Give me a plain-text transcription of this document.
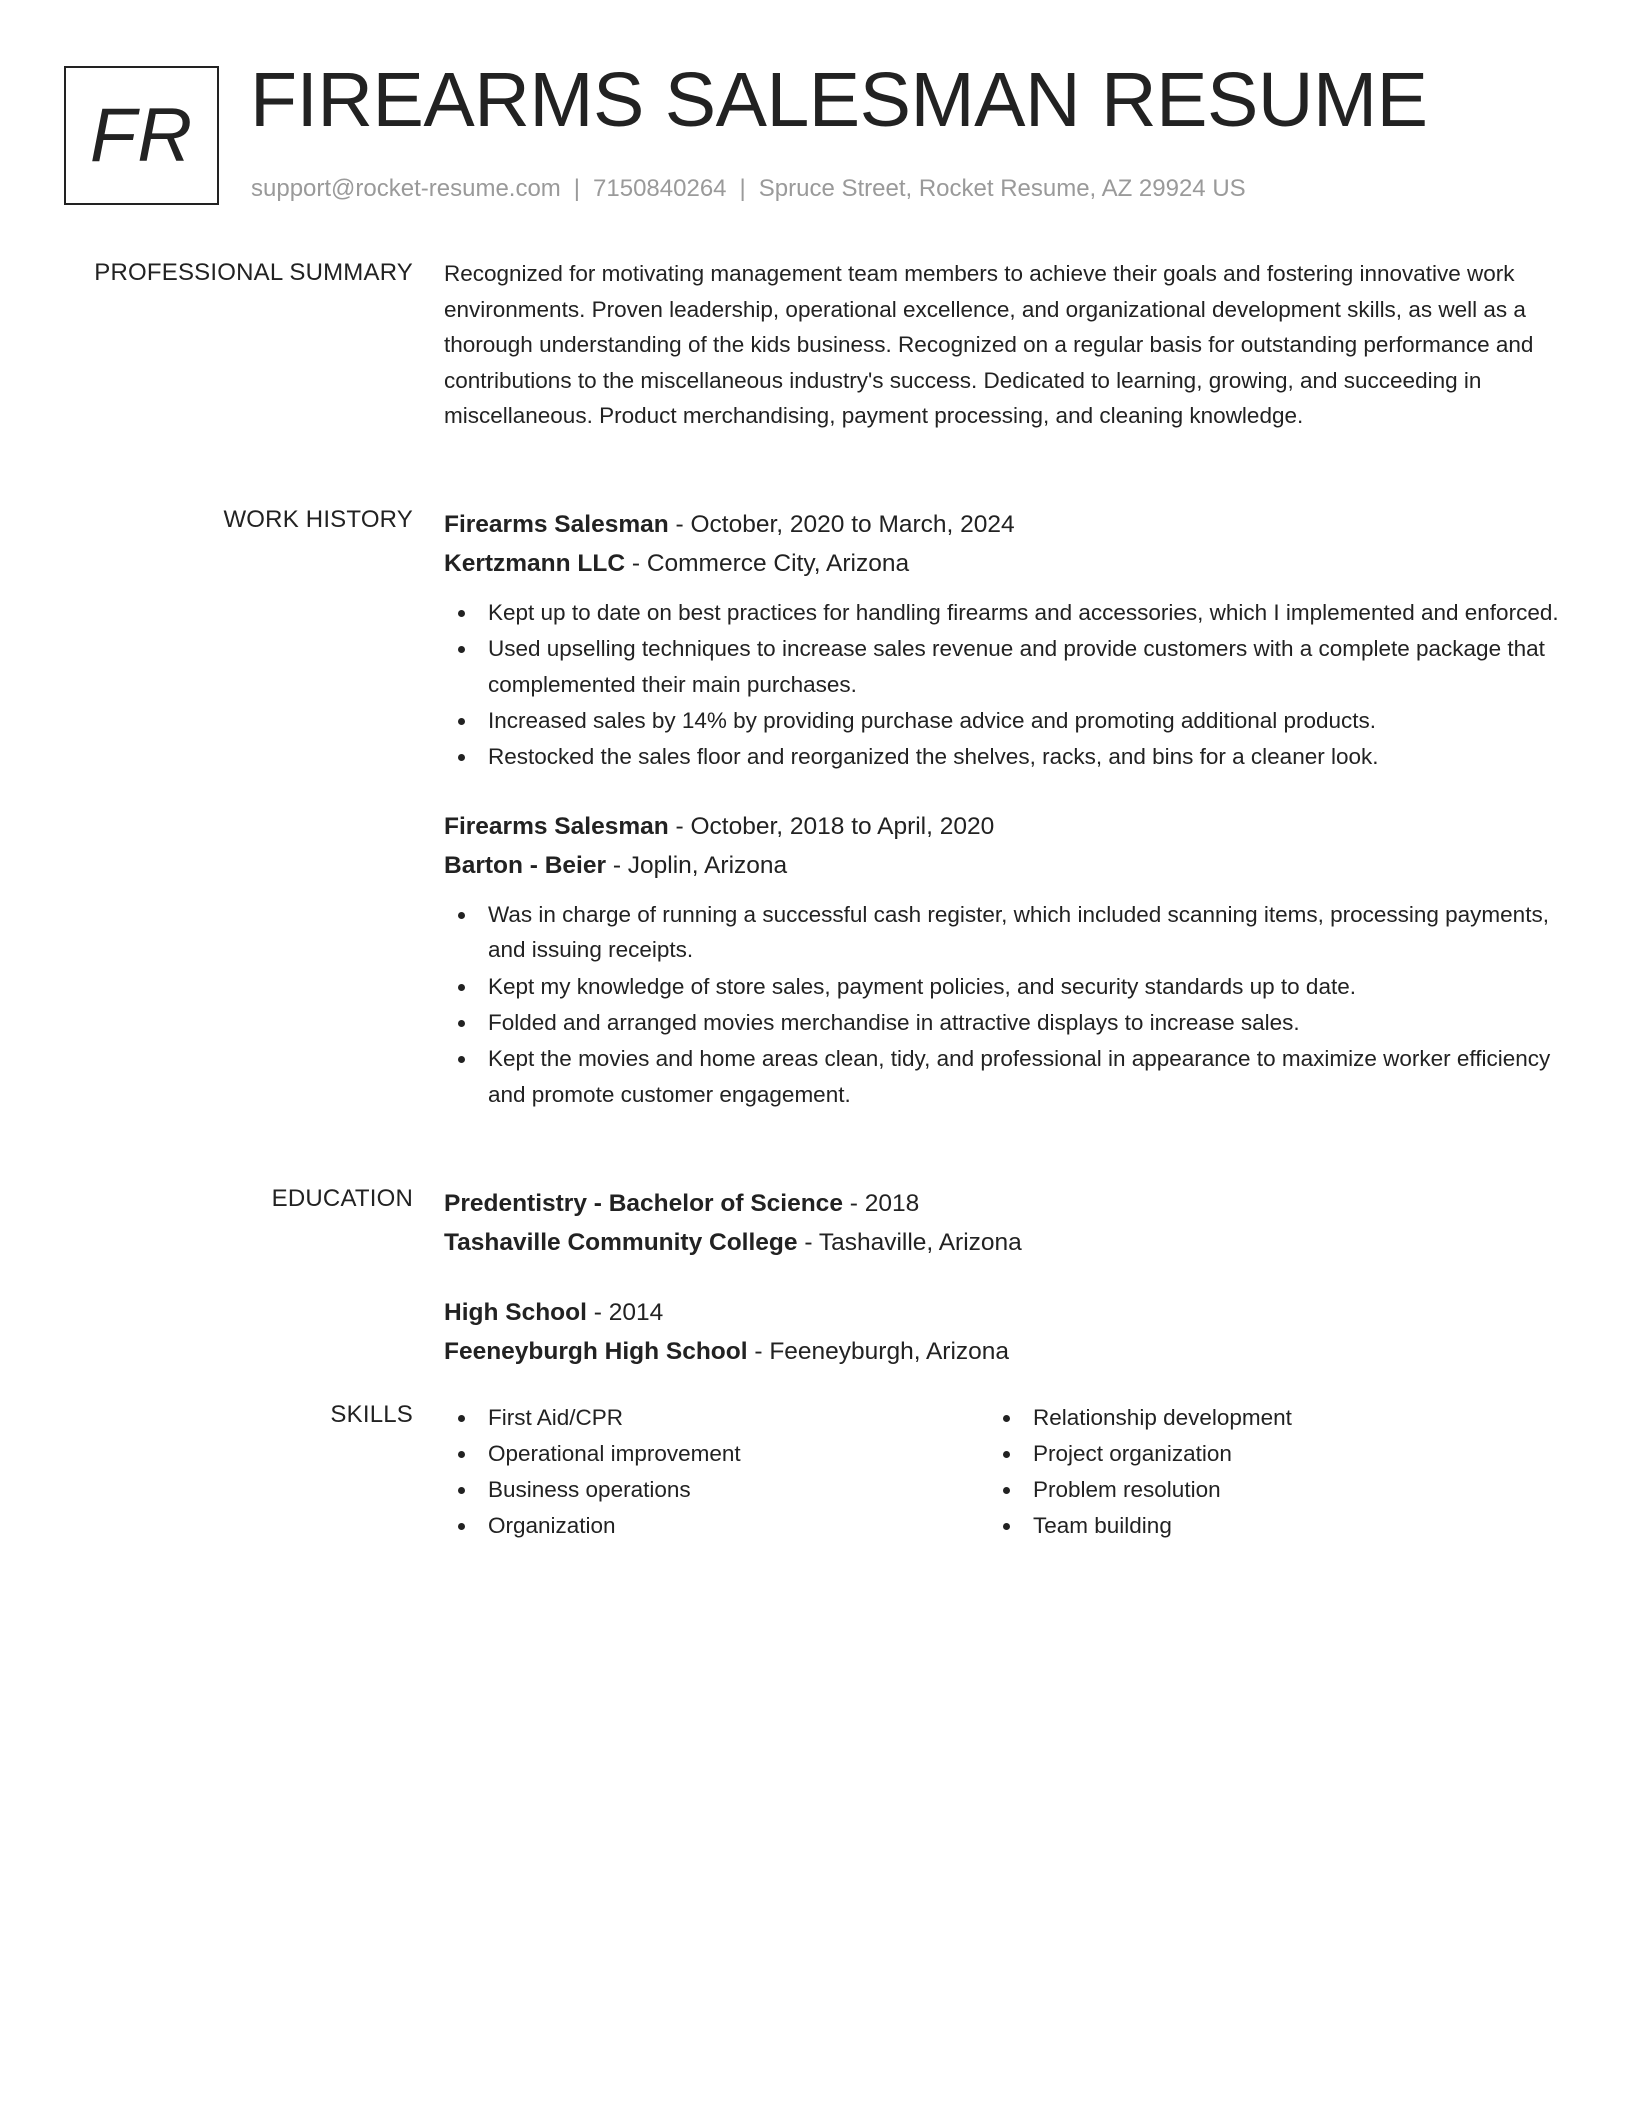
FR FIREARMS SALESMAN RESUME
support@rocket-resume.com | 7150840264 | Spruce Street, Rocket Resume, AZ 29924 US
PROFESSIONAL SUMMARY Recognized for motivating management team members to achieve their goals and fostering innovative work environments. Proven leadership, operational excellence, and organizational development skills, as well as a thorough understanding of the kids business. Recognized on a regular basis for outstanding performance and contributions to the miscellaneous industry's success. Dedicated to learning, growing, and succeeding in miscellaneous. Product merchandising, payment processing, and cleaning knowledge.

WORK HISTORY Firearms Salesman - October, 2020 to March, 2024
Kertzmann LLC - Commerce City, Arizona
Kept up to date on best practices for handling firearms and accessories, which I implemented and enforced.
Used upselling techniques to increase sales revenue and provide customers with a complete package that complemented their main purchases.
Increased sales by 14% by providing purchase advice and promoting additional products.
Restocked the sales floor and reorganized the shelves, racks, and bins for a cleaner look.
Firearms Salesman - October, 2018 to April, 2020
Barton - Beier - Joplin, Arizona
Was in charge of running a successful cash register, which included scanning items, processing payments, and issuing receipts.
Kept my knowledge of store sales, payment policies, and security standards up to date.
Folded and arranged movies merchandise in attractive displays to increase sales.
Kept the movies and home areas clean, tidy, and professional in appearance to maximize worker efficiency and promote customer engagement.
EDUCATION Predentistry - Bachelor of Science - 2018
Tashaville Community College - Tashaville, Arizona
High School - 2014
Feeneyburgh High School - Feeneyburgh, Arizona
SKILLS	First Aid/CPR
Operational improvement
Business operations
Organization
Relationship development
Project organization
Problem resolution
Team building
